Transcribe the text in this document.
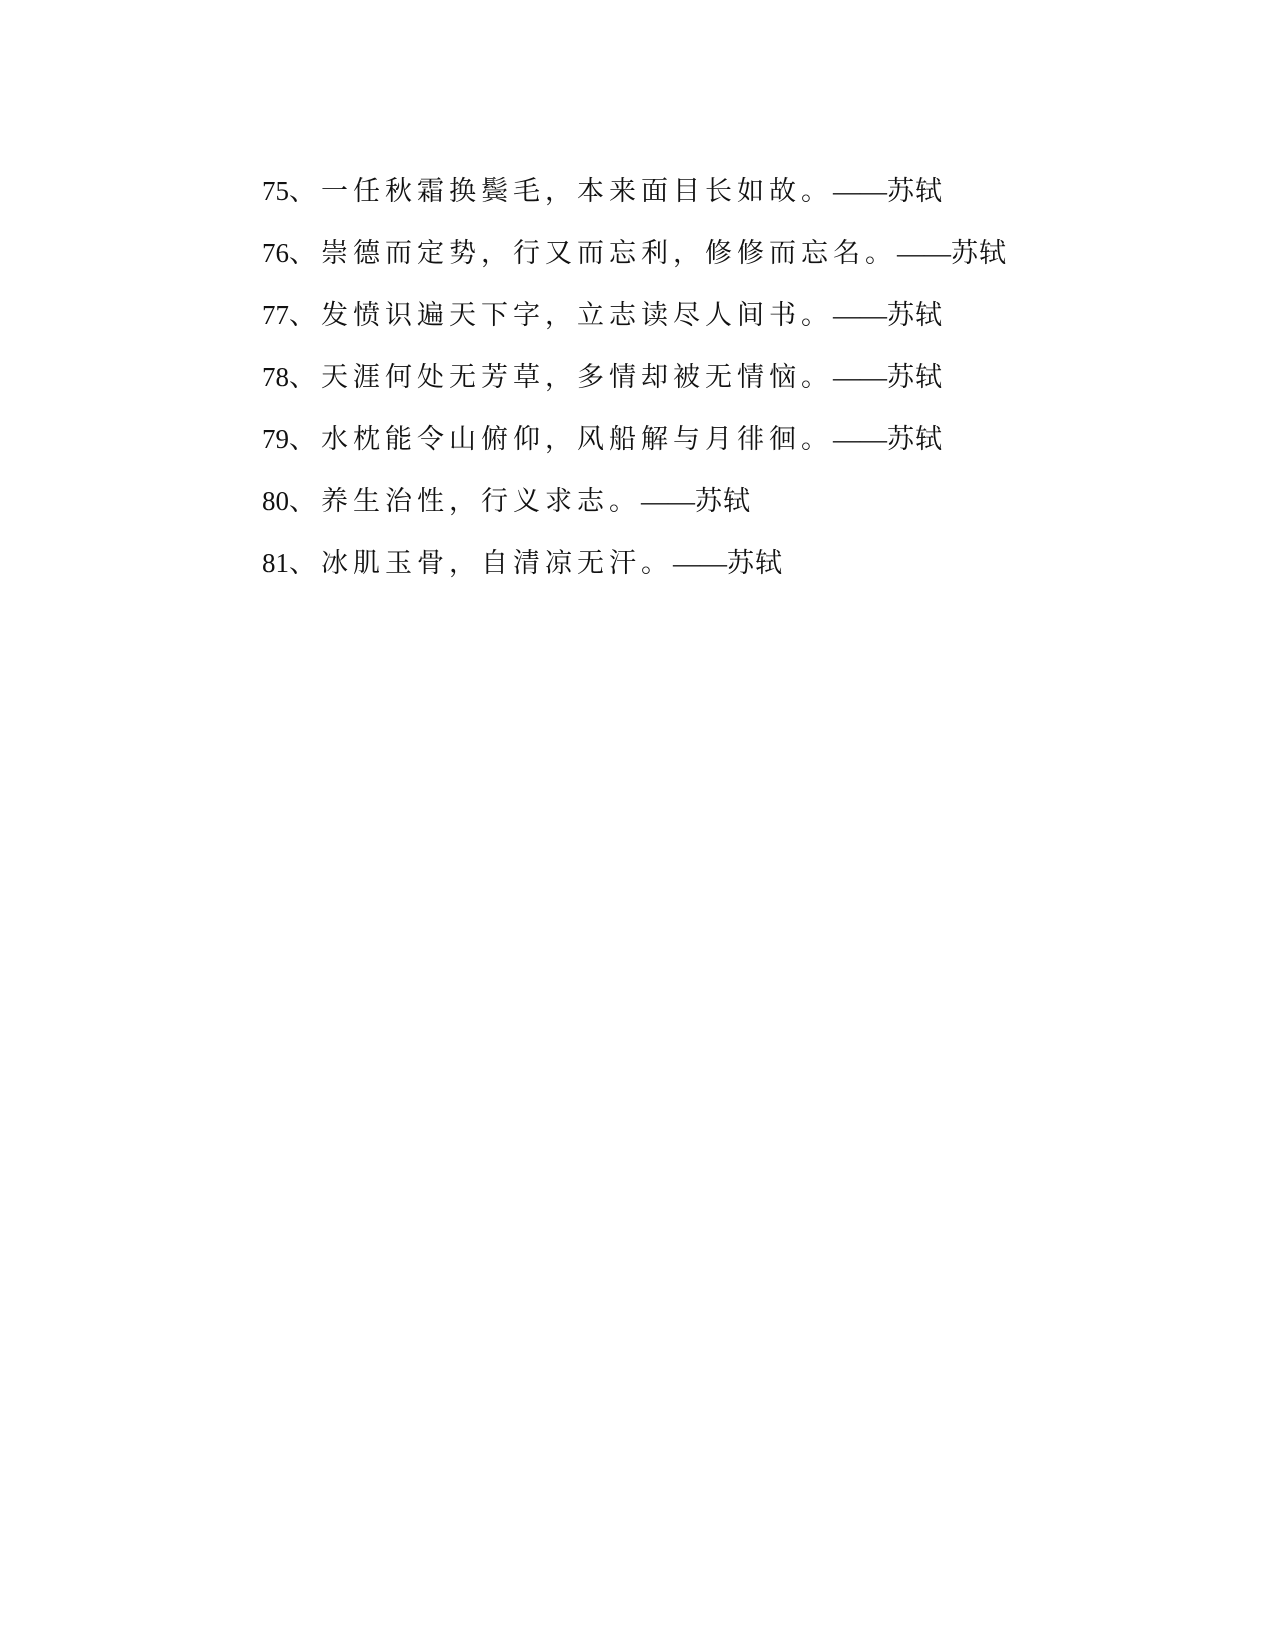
75、一任秋霜换鬓毛，本来面目长如故。——苏轼
76、崇德而定势，行又而忘利，修修而忘名。——苏轼
77、发愤识遍天下字，立志读尽人间书。——苏轼
78、天涯何处无芳草，多情却被无情恼。——苏轼
79、水枕能令山俯仰，风船解与月徘徊。——苏轼
80、养生治性，行义求志。——苏轼
81、冰肌玉骨，自清凉无汗。——苏轼
